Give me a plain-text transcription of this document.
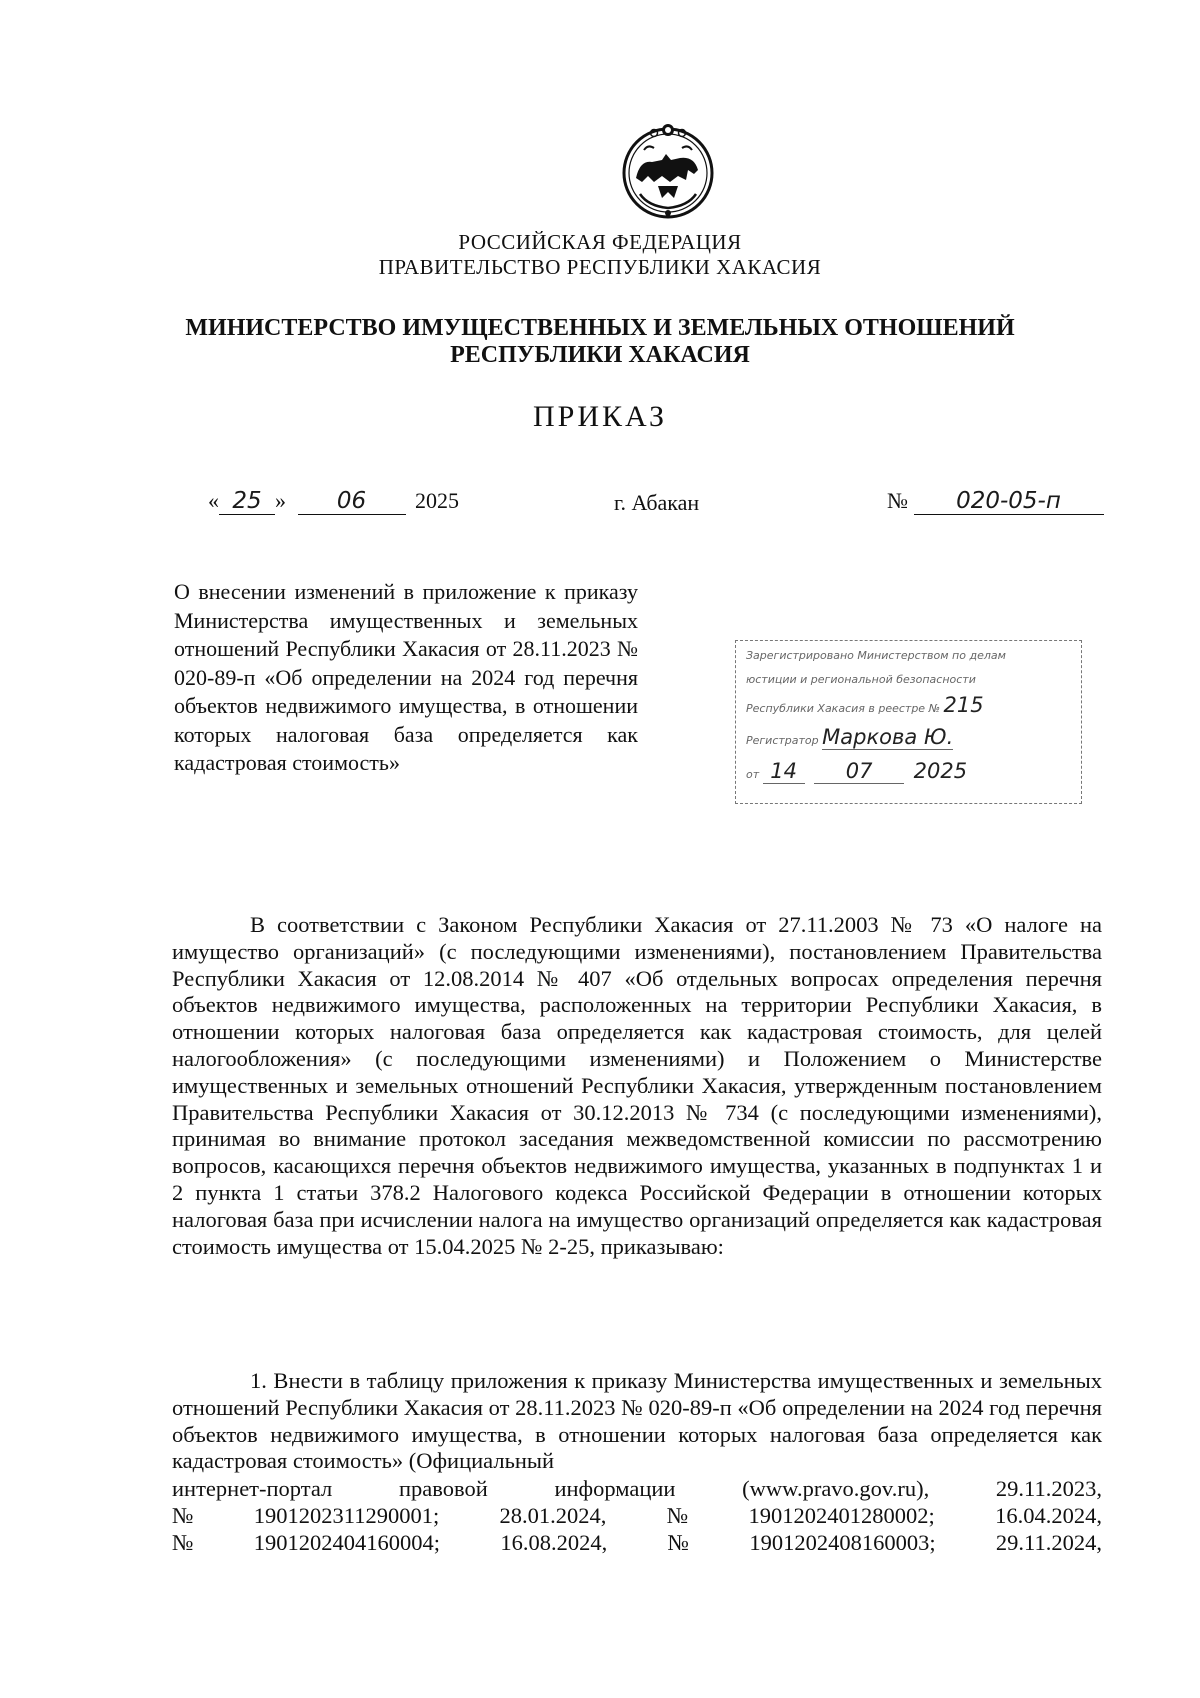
РОССИЙСКАЯ ФЕДЕРАЦИЯ
ПРАВИТЕЛЬСТВО РЕСПУБЛИКИ ХАКАСИЯ
МИНИСТЕРСТВО ИМУЩЕСТВЕННЫХ И ЗЕМЕЛЬНЫХ ОТНОШЕНИЙ
РЕСПУБЛИКИ ХАКАСИЯ
ПРИКАЗ
« 25 » 06 2025	г. Абакан	№ 020-05-п
О внесении изменений в приложение к приказу Министерства имущественных и земельных отношений Республики Хакасия от 28.11.2023 № 020-89-п «Об определении на 2024 год перечня объектов недвижимого имущества, в отношении которых налоговая база определяется как кадастровая стоимость»
Зарегистрировано Министерством по делам
юстиции и региональной безопасности
Республики Хакасия в реестре № 215
Регистратор Маркова Ю.
от 14 07 2025
В соответствии с Законом Республики Хакасия от 27.11.2003 № 73 «О налоге на имущество организаций» (с последующими изменениями), постановлением Правительства Республики Хакасия от 12.08.2014 № 407 «Об отдельных вопросах определения перечня объектов недвижимого имущества, расположенных на территории Республики Хакасия, в отношении которых налоговая база определяется как кадастровая стоимость, для целей налогообложения» (с последующими изменениями) и Положением о Министерстве имущественных и земельных отношений Республики Хакасия, утвержденным постановлением Правительства Республики Хакасия от 30.12.2013 № 734 (с последующими изменениями), принимая во внимание протокол заседания межведомственной комиссии по рассмотрению вопросов, касающихся перечня объектов недвижимого имущества, указанных в подпунктах 1 и 2 пункта 1 статьи 378.2 Налогового кодекса Российской Федерации в отношении которых налоговая база при исчислении налога на имущество организаций определяется как кадастровая стоимость имущества от 15.04.2025 № 2-25, приказываю:
1. Внести в таблицу приложения к приказу Министерства имущественных и земельных отношений Республики Хакасия от 28.11.2023 № 020-89-п «Об определении на 2024 год перечня объектов недвижимого имущества, в отношении которых налоговая база определяется как кадастровая стоимость» (Официальный
интернет-портал	правовой	информации	(www.pravo.gov.ru),	29.11.2023,
№	1901202311290001;	28.01.2024,	№	1901202401280002;	16.04.2024,
№	1901202404160004;	16.08.2024,	№	1901202408160003;	29.11.2024,
